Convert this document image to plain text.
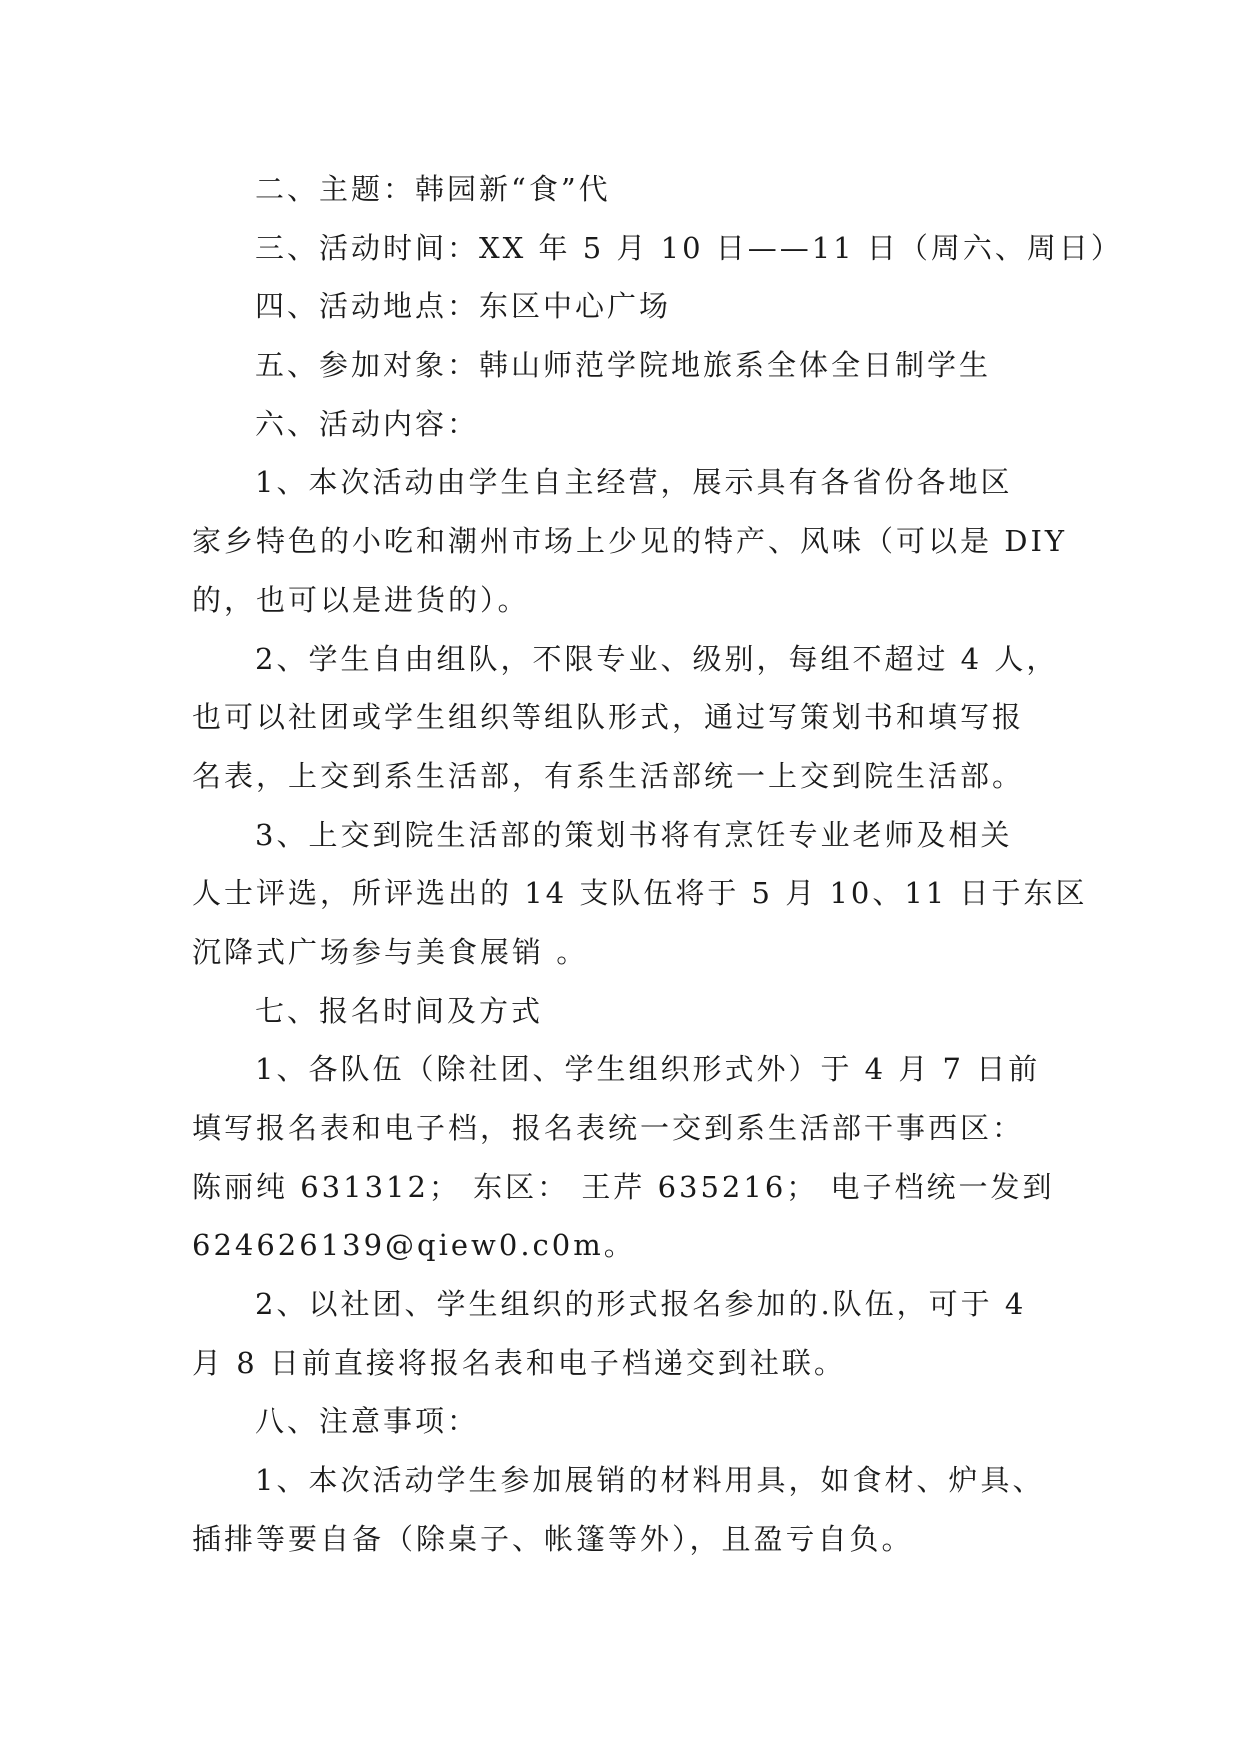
二、主题：韩园新“食”代
三、活动时间：XX 年 5 月 10 日——11 日（周六、周日）
四、活动地点：东区中心广场
五、参加对象：韩山师范学院地旅系全体全日制学生
六、活动内容：
1、本次活动由学生自主经营，展示具有各省份各地区
家乡特色的小吃和潮州市场上少见的特产、风味（可以是 DIY
的，也可以是进货的）。
2、学生自由组队，不限专业、级别，每组不超过 4 人，
也可以社团或学生组织等组队形式，通过写策划书和填写报
名表，上交到系生活部，有系生活部统一上交到院生活部。
3、上交到院生活部的策划书将有烹饪专业老师及相关
人士评选，所评选出的 14 支队伍将于 5 月 10、11 日于东区
沉降式广场参与美食展销 。
七、报名时间及方式
1、各队伍（除社团、学生组织形式外）于 4 月 7 日前
填写报名表和电子档，报名表统一交到系生活部干事西区：
陈丽纯 631312； 东区： 王芹 635216； 电子档统一发到
624626139@qiew0.c0m。
2、以社团、学生组织的形式报名参加的.队伍，可于 4
月 8 日前直接将报名表和电子档递交到社联。
八、注意事项：
1、本次活动学生参加展销的材料用具，如食材、炉具、
插排等要自备（除桌子、帐篷等外），且盈亏自负。
